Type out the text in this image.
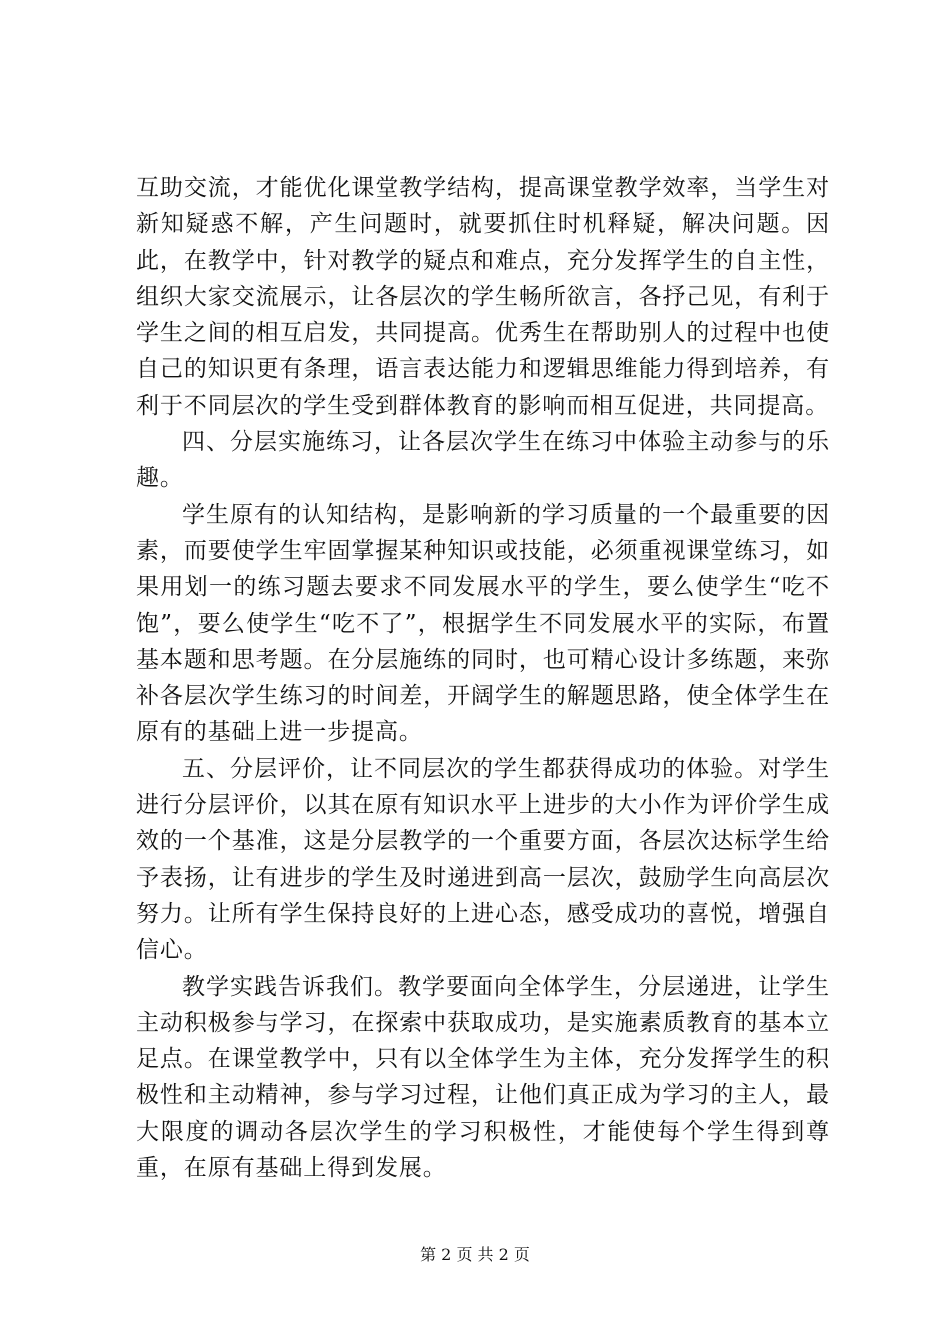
互助交流，才能优化课堂教学结构，提高课堂教学效率，当学生对新知疑惑不解，产生问题时，就要抓住时机释疑，解决问题。因此，在教学中，针对教学的疑点和难点，充分发挥学生的自主性，组织大家交流展示，让各层次的学生畅所欲言，各抒己见，有利于学生之间的相互启发，共同提高。优秀生在帮助别人的过程中也使自己的知识更有条理，语言表达能力和逻辑思维能力得到培养，有利于不同层次的学生受到群体教育的影响而相互促进，共同提高。

四、分层实施练习，让各层次学生在练习中体验主动参与的乐趣。

学生原有的认知结构，是影响新的学习质量的一个最重要的因素，而要使学生牢固掌握某种知识或技能，必须重视课堂练习，如果用划一的练习题去要求不同发展水平的学生，要么使学生“吃不饱”，要么使学生“吃不了”，根据学生不同发展水平的实际，布置基本题和思考题。在分层施练的同时，也可精心设计多练题，来弥补各层次学生练习的时间差，开阔学生的解题思路，使全体学生在原有的基础上进一步提高。

五、分层评价，让不同层次的学生都获得成功的体验。对学生进行分层评价，以其在原有知识水平上进步的大小作为评价学生成效的一个基准，这是分层教学的一个重要方面，各层次达标学生给予表扬，让有进步的学生及时递进到高一层次，鼓励学生向高层次努力。让所有学生保持良好的上进心态，感受成功的喜悦，增强自信心。

教学实践告诉我们。教学要面向全体学生，分层递进，让学生主动积极参与学习，在探索中获取成功，是实施素质教育的基本立足点。在课堂教学中，只有以全体学生为主体，充分发挥学生的积极性和主动精神，参与学习过程，让他们真正成为学习的主人，最大限度的调动各层次学生的学习积极性，才能使每个学生得到尊重，在原有基础上得到发展。

第 2 页 共 2 页
